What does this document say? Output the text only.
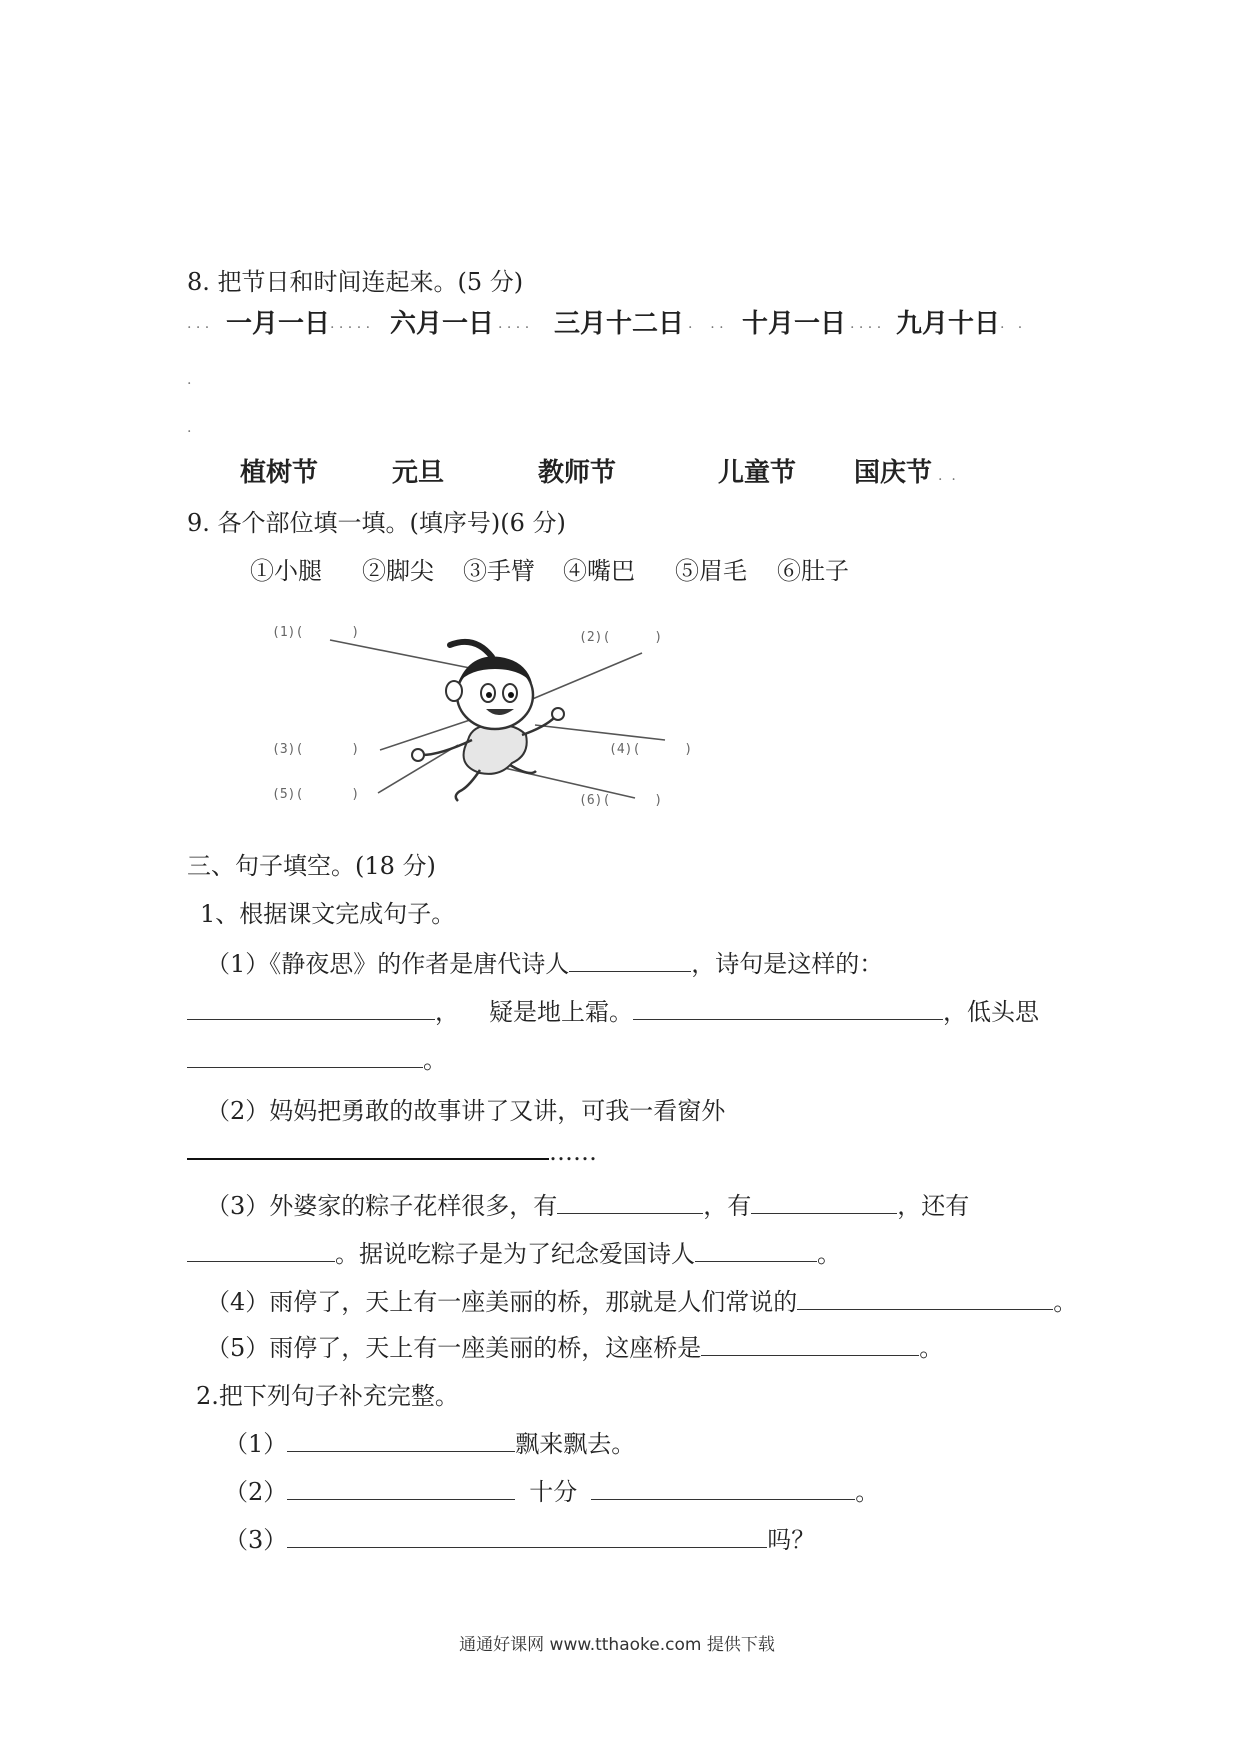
8. 把节日和时间连起来。(5 分)
. . . 一月一日 . . . . . 六月一日 . . . . 三月十二日 .    . . 十月一日 . . . . 九月十日 .   .
.
.
植树节	元旦	教师节	儿童节 国庆节 .  .
9. 各个部位填一填。(填序号)(6 分)
①小腿 ②脚尖 ③手臂 ④嘴巴 ⑤眉毛 ⑥肚子
(1)(	)	(2)(	)
(3)(	)	(4)(	)
(5)(	)	(6)(	)
三、句子填空。(18 分)
1、根据课文完成句子。
（1）《静夜思》的作者是唐代诗人	，诗句是这样的：
， 疑是地上霜。	，低头思
。
（2）妈妈把勇敢的故事讲了又讲，可我一看窗外
……
（3）外婆家的粽子花样很多，有	，有	，还有
。据说吃粽子是为了纪念爱国诗人	。
（4）雨停了，天上有一座美丽的桥，那就是人们常说的	。
（5）雨停了，天上有一座美丽的桥，这座桥是	。
2.把下列句子补充完整。
（1）	飘来飘去。
（2）	十分	。
（3）	吗？
通通好课网 www.tthaoke.com 提供下载
